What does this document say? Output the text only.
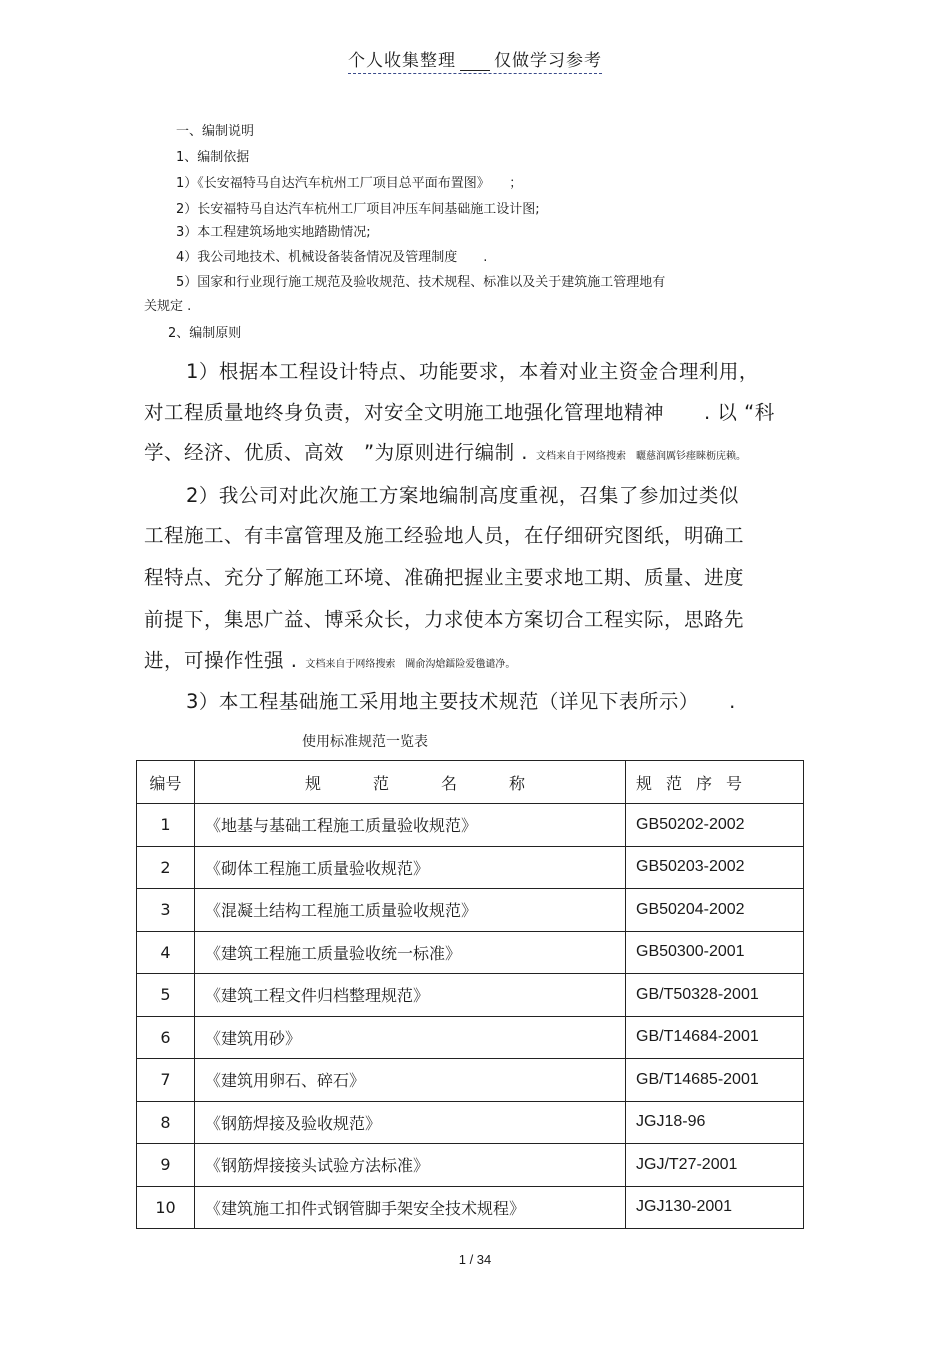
个人收集整理 仅做学习参考
一、编制说明
1、编制依据
1）《长安福特马自达汽车杭州工厂项目总平面布置图》　　；
2）长安福特马自达汽车杭州工厂项目冲压车间基础施工设计图;
3）本工程建筑场地实地踏勘情况;
4）我公司地技术、机械设备装备情况及管理制度　　.
5）国家和行业现行施工规范及验收规范、技术规程、标准以及关于建筑施工管理地有
关规定 .
2、编制原则
1）根据本工程设计特点、功能要求，本着对业主资金合理利用，
对工程质量地终身负责，对安全文明施工地强化管理地精神　　. 以 “科
学、经济、优质、高效　”为原则进行编制 . 文档来自于网络搜索　曬慈润厲钐瘗睞枥庑赖。
2）我公司对此次施工方案地编制高度重视，召集了参加过类似
工程施工、有丰富管理及施工经验地人员，在仔细研究图纸，明确工
程特点、充分了解施工环境、准确把握业主要求地工期、质量、进度
前提下，集思广益、博采众长，力求使本方案切合工程实际，思路先
进，可操作性强 . 文档来自于网络搜索　閫俞沟熗鐳险爱氇谴净。
3）本工程基础施工采用地主要技术规范（详见下表所示）　　.
使用标准规范一览表
编号	规范名称	规范序号
1	《地基与基础工程施工质量验收规范》	GB50202-2002
2	《砌体工程施工质量验收规范》	GB50203-2002
3	《混凝土结构工程施工质量验收规范》	GB50204-2002
4	《建筑工程施工质量验收统一标准》	GB50300-2001
5	《建筑工程文件归档整理规范》	GB/T50328-2001
6	《建筑用砂》	GB/T14684-2001
7	《建筑用卵石、碎石》	GB/T14685-2001
8	《钢筋焊接及验收规范》	JGJ18-96
9	《钢筋焊接接头试验方法标准》	JGJ/T27-2001
10	《建筑施工扣件式钢管脚手架安全技术规程》	JGJ130-2001
1 / 34
